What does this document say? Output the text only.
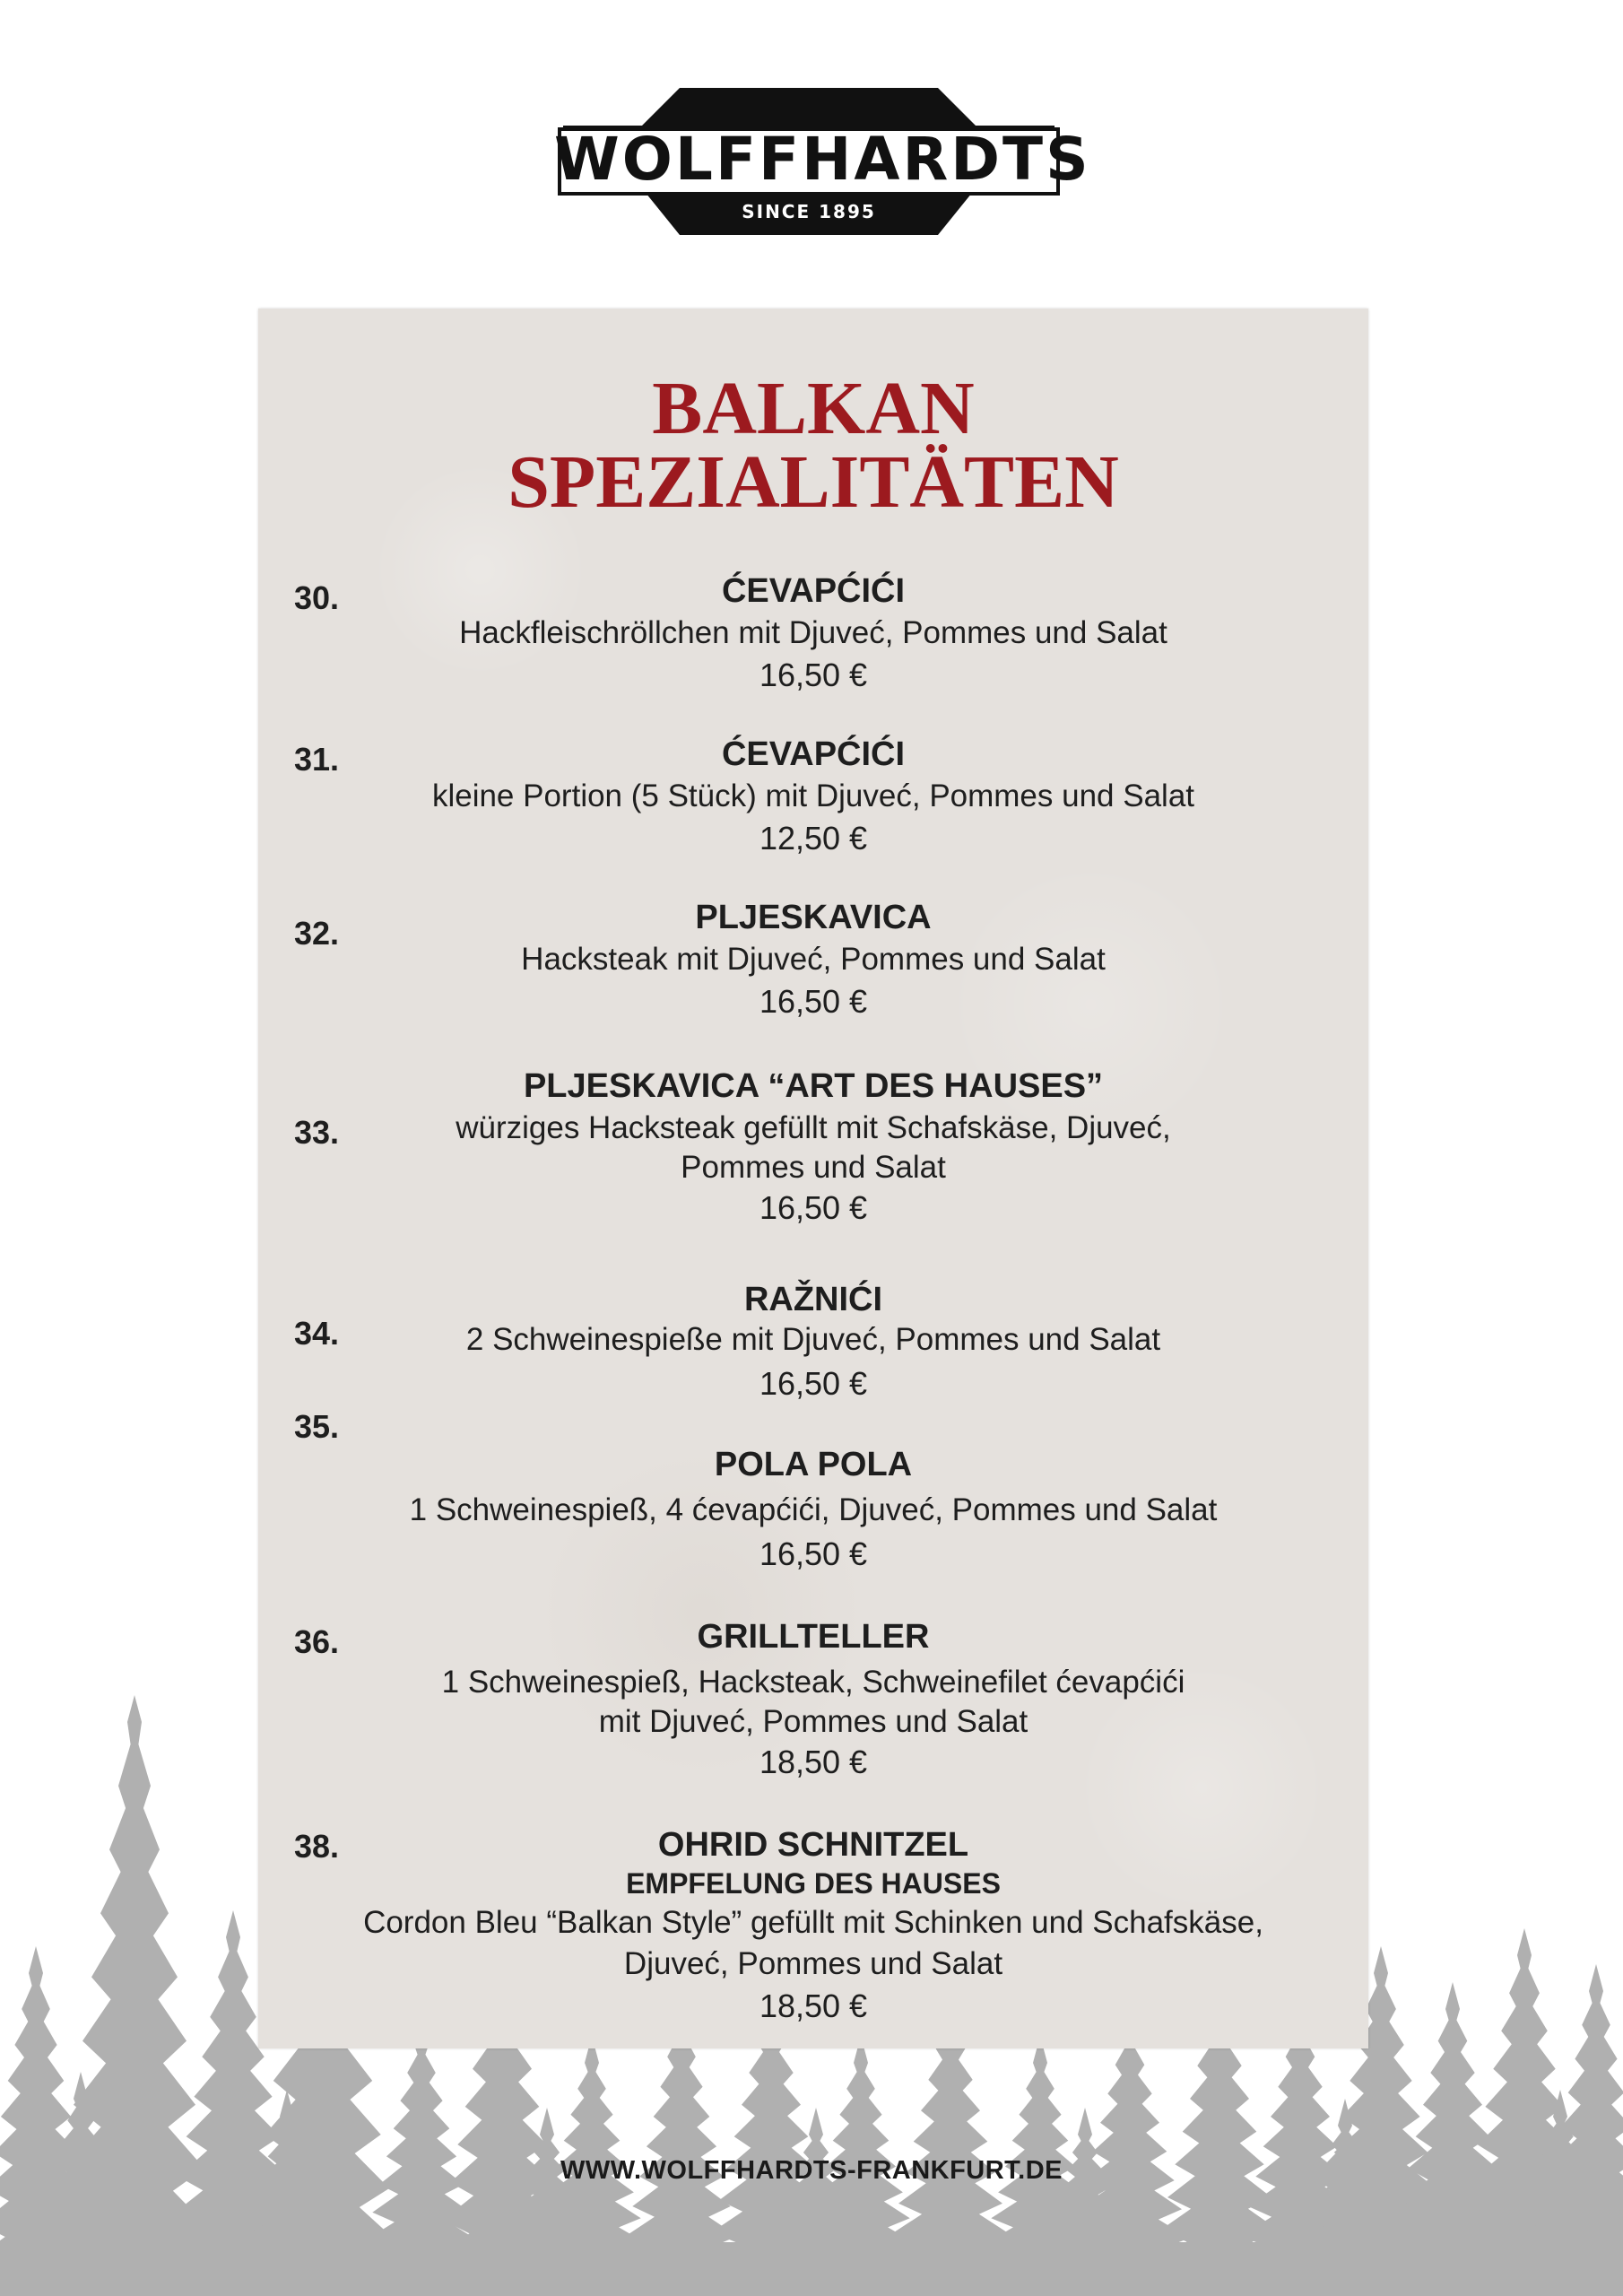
WOLFFHARDTS
SINCE 1895
BALKAN
SPEZIALITÄTEN
30.	ĆEVAPĆIĆI
Hackfleischröllchen mit Djuveć, Pommes und Salat
16,50 €
31.	ĆEVAPĆIĆI
kleine Portion (5 Stück) mit Djuveć, Pommes und Salat
12,50 €
32.	PLJESKAVICA
Hacksteak mit Djuveć, Pommes und Salat
16,50 €
33.
PLJESKAVICA “ART DES HAUSES”
würziges Hacksteak gefüllt mit Schafskäse, Djuveć,
Pommes und Salat
16,50 €
34.
RAŽNIĆI
2 Schweinespieße mit Djuveć, Pommes und Salat
16,50 €
35.
POLA POLA
1 Schweinespieß, 4 ćevapćići, Djuveć, Pommes und Salat
16,50 €
36.	GRILLTELLER
1 Schweinespieß, Hacksteak, Schweinefilet ćevapćići
mit Djuveć, Pommes und Salat
18,50 €
38.	OHRID SCHNITZEL
EMPFELUNG DES HAUSES
Cordon Bleu “Balkan Style” gefüllt mit Schinken und Schafskäse,
Djuveć, Pommes und Salat
18,50 €
WWW.WOLFFHARDTS-FRANKFURT.DE
